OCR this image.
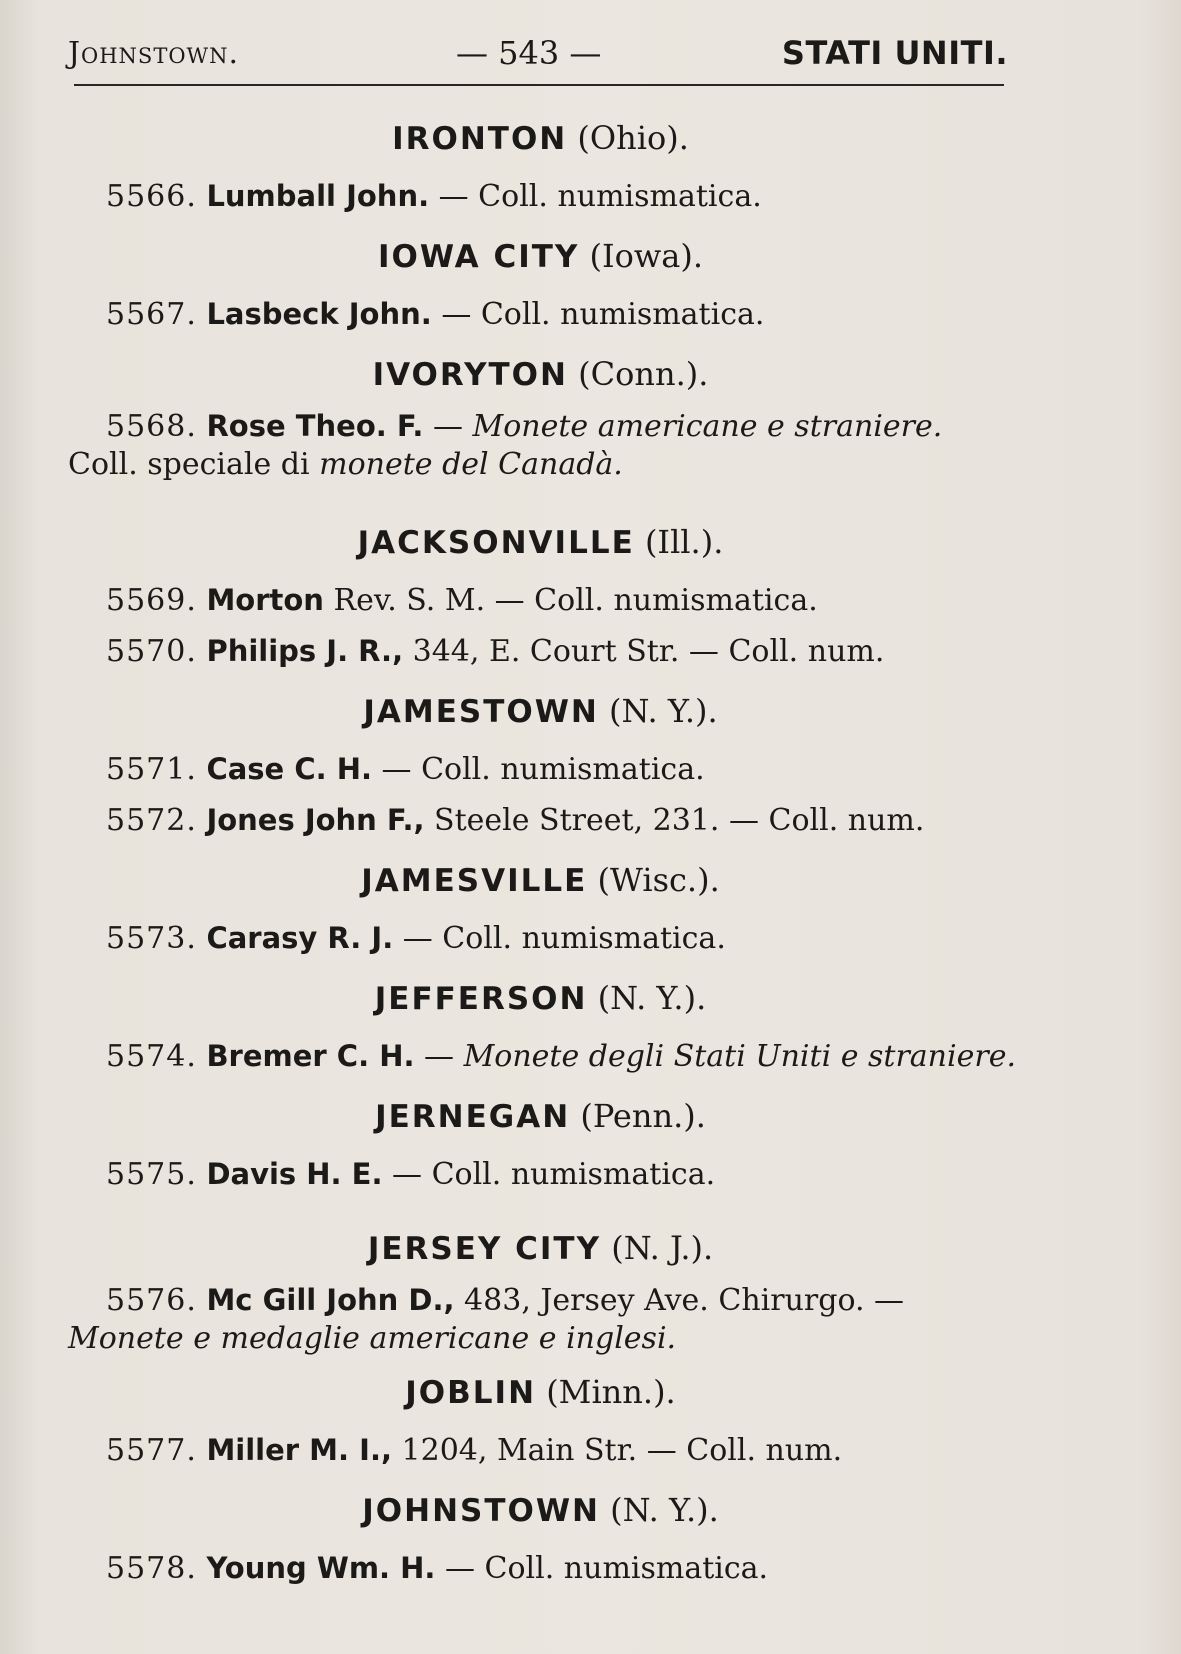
Johnstown.	— 543 —	STATI UNITI.
IRONTON (Ohio).
5566. Lumball John. — Coll. numismatica.
IOWA CITY (Iowa).
5567. Lasbeck John. — Coll. numismatica.
IVORYTON (Conn.).
5568. Rose Theo. F. — Monete americane e straniere. Coll. speciale di monete del Canadà.
JACKSONVILLE (Ill.).
5569. Morton Rev. S. M. — Coll. numismatica.
5570. Philips J. R., 344, E. Court Str. — Coll. num.
JAMESTOWN (N. Y.).
5571. Case C. H. — Coll. numismatica.
5572. Jones John F., Steele Street, 231. — Coll. num.
JAMESVILLE (Wisc.).
5573. Carasy R. J. — Coll. numismatica.
JEFFERSON (N. Y.).
5574. Bremer C. H. — Monete degli Stati Uniti e straniere.
JERNEGAN (Penn.).
5575. Davis H. E. — Coll. numismatica.
JERSEY CITY (N. J.).
5576. Mc Gill John D., 483, Jersey Ave. Chirurgo. — Monete e medaglie americane e inglesi.
JOBLIN (Minn.).
5577. Miller M. I., 1204, Main Str. — Coll. num.
JOHNSTOWN (N. Y.).
5578. Young Wm. H. — Coll. numismatica.
